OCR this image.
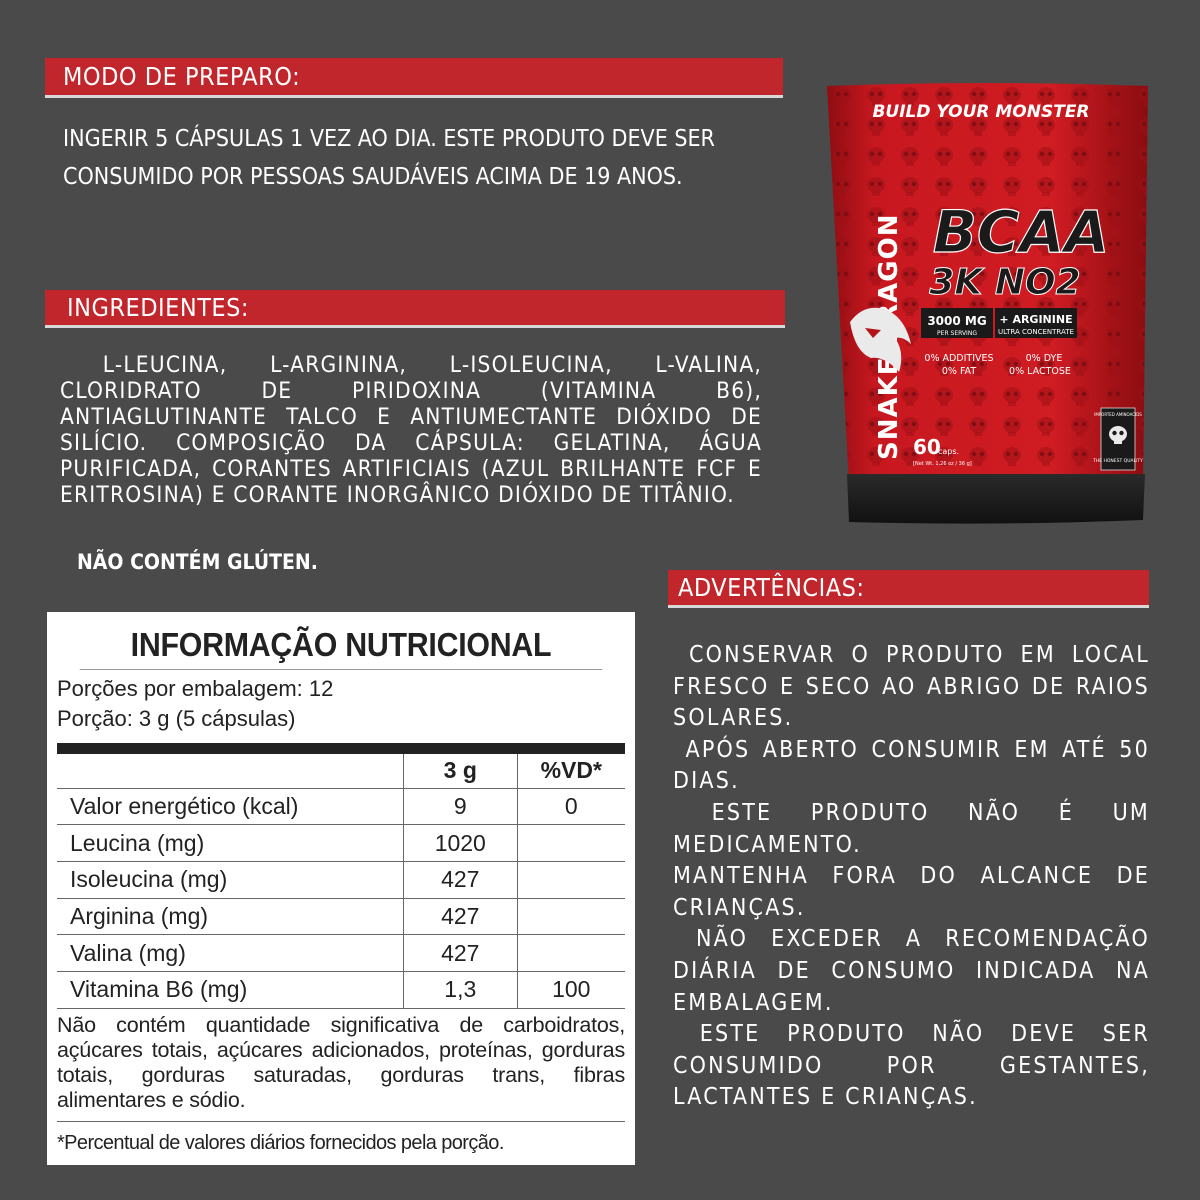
MODO DE PREPARO:
INGERIR 5 CÁPSULAS 1 VEZ AO DIA. ESTE PRODUTO DEVE SER CONSUMIDO POR PESSOAS SAUDÁVEIS ACIMA DE 19 ANOS.
INGREDIENTES:
L-LEUCINA, L-ARGININA, L-ISOLEUCINA, L-VALINA, CLORIDRATO DE PIRIDOXINA (VITAMINA B6), ANTIAGLUTINANTE TALCO E ANTIUMECTANTE DIÓXIDO DE SILÍCIO. COMPOSIÇÃO DA CÁPSULA: GELATINA, ÁGUA PURIFICADA, CORANTES ARTIFICIAIS (AZUL BRILHANTE FCF E ERITROSINA) E CORANTE INORGÂNICO DIÓXIDO DE TITÂNIO.
NÃO CONTÉM GLÚTEN.
ADVERTÊNCIAS:

CONSERVAR O PRODUTO EM LOCAL FRESCO E SECO AO ABRIGO DE RAIOS SOLARES.

APÓS ABERTO CONSUMIR EM ATÉ 50 DIAS.

ESTE PRODUTO NÃO É UM MEDICAMENTO.

MANTENHA FORA DO ALCANCE DE CRIANÇAS.

NÃO EXCEDER A RECOMENDAÇÃO DIÁRIA DE CONSUMO INDICADA NA EMBALAGEM.

ESTE PRODUTO NÃO DEVE SER CONSUMIDO POR GESTANTES, LACTANTES E CRIANÇAS.

INFORMAÇÃO NUTRICIONAL
Porções por embalagem: 12
Porção: 3 g (5 cápsulas)
	3 g	%VD*
Valor energético (kcal)	9	0
Leucina (mg)	1020	
Isoleucina (mg)	427	
Arginina (mg)	427	
Valina (mg)	427	
Vitamina B6 (mg)	1,3	100
Não contém quantidade significativa de carboidratos, açúcares totais, açúcares adicionados, proteínas, gorduras totais, gorduras saturadas, gorduras trans, fibras alimentares e sódio.
*Percentual de valores diários fornecidos pela porção.
BUILD YOUR MONSTER
BCAA
3K NO2
3000 MG
PER SERVING
+ ARGININE
ULTRA CONCENTRATE
0% ADDITIVES	0% DYE
0% FAT	0% LACTOSE
60
caps.
[Net Wt. 1,26 oz / 36 g]
IMPORTED AMINOACIDS
THE HONEST QUALITY
